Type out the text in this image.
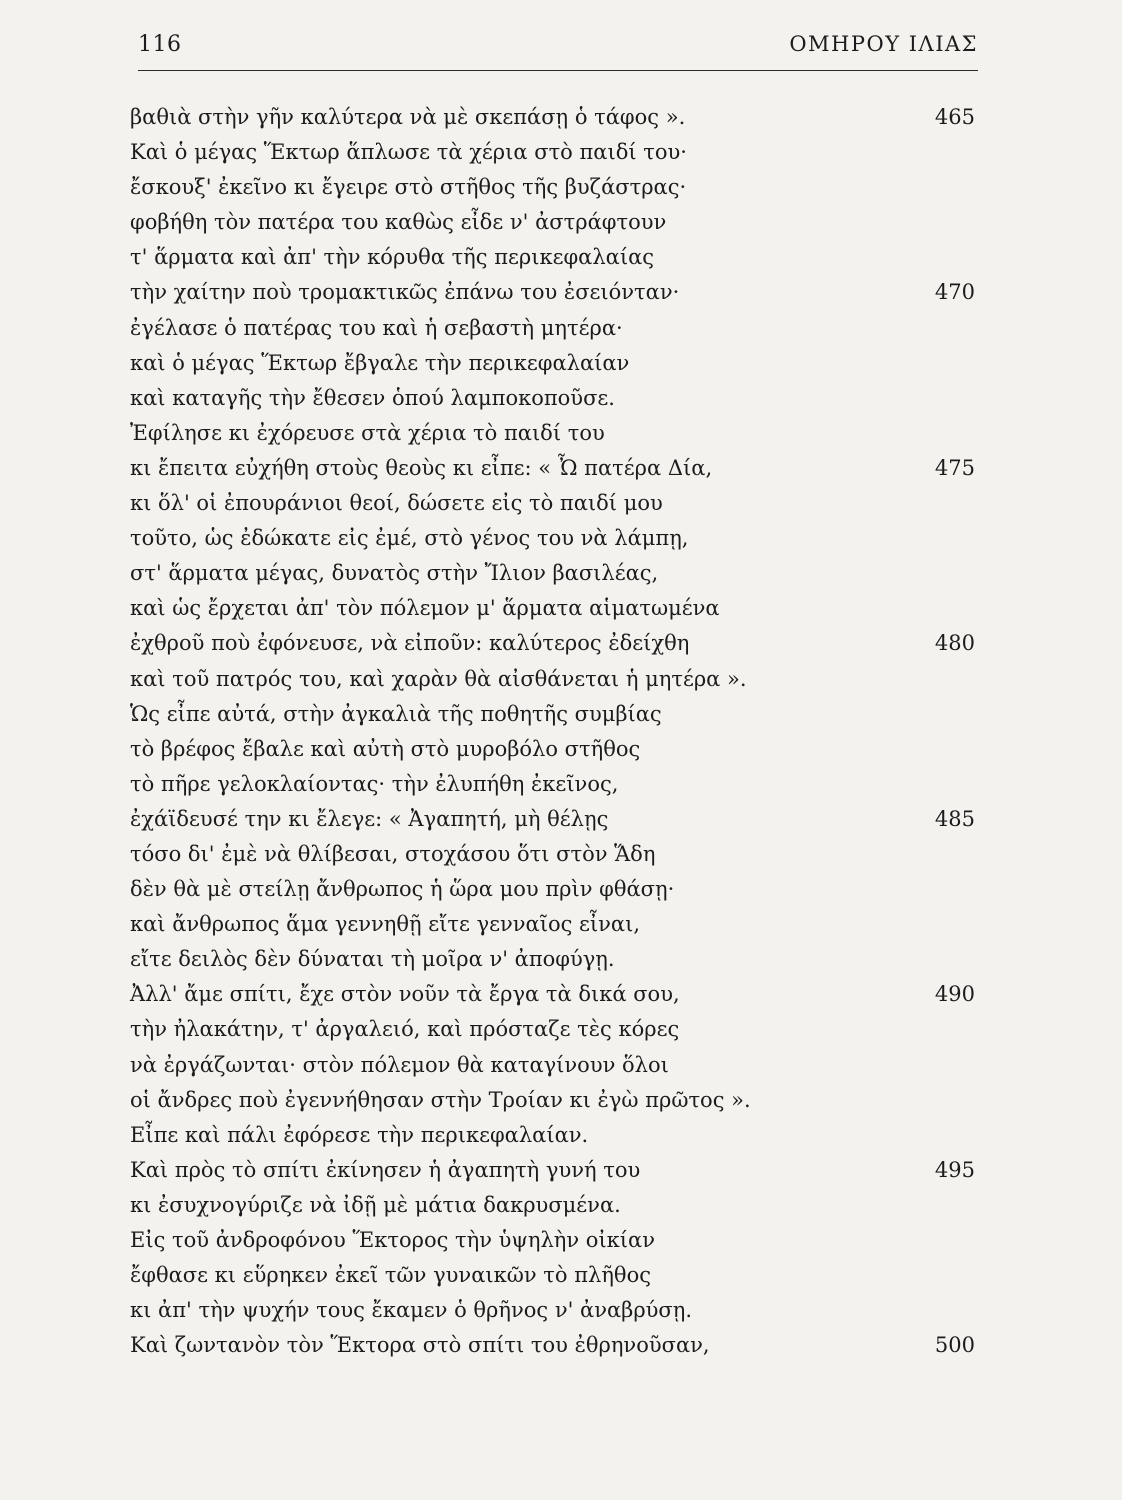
116	ΟΜΗΡΟΥ ΙΛΙΑΣ
βαθιὰ στὴν γῆν καλύτερα νὰ μὲ σκεπάσῃ ὁ τάφος ».	465
Καὶ ὁ μέγας Ἕκτωρ ἅπλωσε τὰ χέρια στὸ παιδί του·
ἔσκουξ' ἐκεῖνο κι ἔγειρε στὸ στῆθος τῆς βυζάστρας·
φοβήθη τὸν πατέρα του καθὼς εἶδε ν' ἀστράφτουν
τ' ἅρματα καὶ ἀπ' τὴν κόρυθα τῆς περικεφαλαίας
τὴν χαίτην ποὺ τρομακτικῶς ἐπάνω του ἐσειόνταν·	470
ἐγέλασε ὁ πατέρας του καὶ ἡ σεβαστὴ μητέρα·
καὶ ὁ μέγας Ἕκτωρ ἔβγαλε τὴν περικεφαλαίαν
καὶ καταγῆς τὴν ἔθεσεν ὁπού λαμποκοποῦσε.
Ἐφίλησε κι ἐχόρευσε στὰ χέρια τὸ παιδί του
κι ἔπειτα εὐχήθη στοὺς θεοὺς κι εἶπε: « Ὦ πατέρα Δία,	475
κι ὅλ' οἱ ἐπουράνιοι θεοί, δώσετε εἰς τὸ παιδί μου
τοῦτο, ὡς ἐδώκατε εἰς ἐμέ, στὸ γένος του νὰ λάμπῃ,
στ' ἅρματα μέγας, δυνατὸς στὴν Ἴλιον βασιλέας,
καὶ ὡς ἔρχεται ἀπ' τὸν πόλεμον μ' ἅρματα αἱματωμένα
ἐχθροῦ ποὺ ἐφόνευσε, νὰ εἰποῦν: καλύτερος ἐδείχθη	480
καὶ τοῦ πατρός του, καὶ χαρὰν θὰ αἰσθάνεται ἡ μητέρα ».
Ὡς εἶπε αὐτά, στὴν ἀγκαλιὰ τῆς ποθητῆς συμβίας
τὸ βρέφος ἔβαλε καὶ αὐτὴ στὸ μυροβόλο στῆθος
τὸ πῆρε γελοκλαίοντας· τὴν ἐλυπήθη ἐκεῖνος,
ἐχάϊδευσέ την κι ἔλεγε: « Ἀγαπητή, μὴ θέλῃς	485
τόσο δι' ἐμὲ νὰ θλίβεσαι, στοχάσου ὅτι στὸν Ἅδη
δὲν θὰ μὲ στείλῃ ἄνθρωπος ἡ ὥρα μου πρὶν φθάσῃ·
καὶ ἄνθρωπος ἅμα γεννηθῇ εἴτε γενναῖος εἶναι,
εἴτε δειλὸς δὲν δύναται τὴ μοῖρα ν' ἀποφύγῃ.
Ἀλλ' ἄμε σπίτι, ἔχε στὸν νοῦν τὰ ἔργα τὰ δικά σου,	490
τὴν ἠλακάτην, τ' ἀργαλειό, καὶ πρόσταζε τὲς κόρες
νὰ ἐργάζωνται· στὸν πόλεμον θὰ καταγίνουν ὅλοι
οἱ ἄνδρες ποὺ ἐγεννήθησαν στὴν Τροίαν κι ἐγὼ πρῶτος ».
Εἶπε καὶ πάλι ἐφόρεσε τὴν περικεφαλαίαν.
Καὶ πρὸς τὸ σπίτι ἐκίνησεν ἡ ἀγαπητὴ γυνή του	495
κι ἐσυχνογύριζε νὰ ἰδῇ μὲ μάτια δακρυσμένα.
Εἰς τοῦ ἀνδροφόνου Ἕκτορος τὴν ὑψηλὴν οἰκίαν
ἔφθασε κι εὕρηκεν ἐκεῖ τῶν γυναικῶν τὸ πλῆθος
κι ἀπ' τὴν ψυχήν τους ἔκαμεν ὁ θρῆνος ν' ἀναβρύσῃ.
Καὶ ζωντανὸν τὸν Ἕκτορα στὸ σπίτι του ἐθρηνοῦσαν,	500
